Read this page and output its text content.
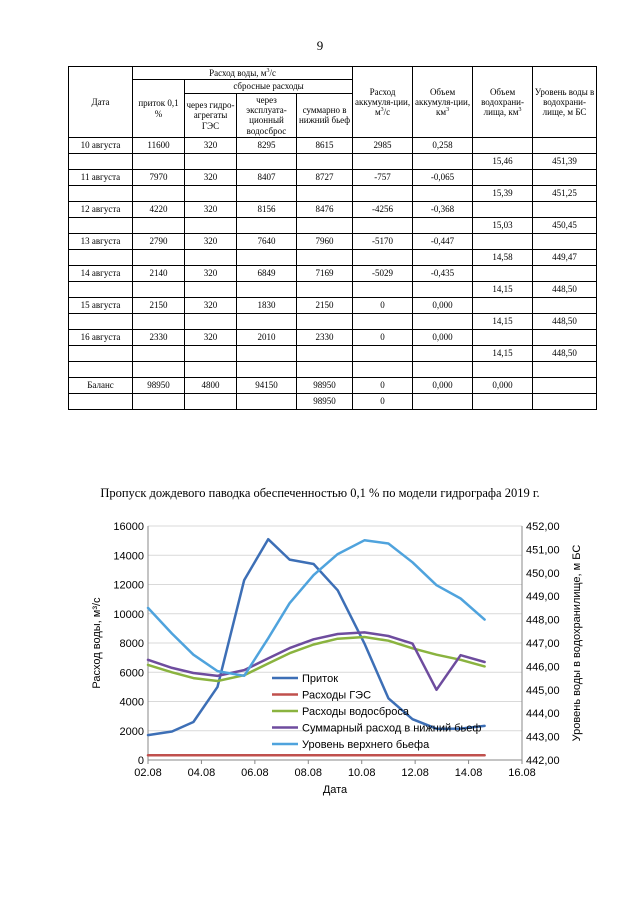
9
Дата	Расход воды, $м^3/с$				Расход аккумуля-ции, $м^3/с$	Объем аккумуля-ции, $км^3$	Объем водохрани-лища, $км^3$	Уровень воды в водохрани-лище, м БС
	приток 0,1 %	сбросные расходы						
		через гидро-агрегаты ГЭС	через эксплуата-ционный водосброс	суммарно в нижний бьеф				
10 августа	11600	320	8295	8615	2985	0,258		
							15,46	451,39
11 августа	7970	320	8407	8727	-757	-0,065		
							15,39	451,25
12 августа	4220	320	8156	8476	-4256	-0,368		
							15,03	450,45
13 августа	2790	320	7640	7960	-5170	-0,447		
							14,58	449,47
14 августа	2140	320	6849	7169	-5029	-0,435		
							14,15	448,50
15 августа	2150	320	1830	2150	0	0,000		
							14,15	448,50
16 августа	2330	320	2010	2330	0	0,000		
							14,15	448,50

Баланс	98950	4800	94150	98950	0	0,000	0,000	
				98950	0			
Пропуск дождевого паводка обеспеченностью 0,1 % по модели гидрографа 2019 г.
0
2000
4000
6000
8000
10000
12000
14000
16000
442,00
443,00
444,00
445,00
446,00
447,00
448,00
449,00
450,00
451,00
452,00
02.08 04.08 06.08 08.08 10.08 12.08 14.08 16.08
Дата
Расход воды, м³/с	Уровень воды в водохранилище, м БС
Приток
Расходы ГЭС
Расходы водосброса
Суммарный расход в нижний бьеф
Уровень верхнего бьефа
